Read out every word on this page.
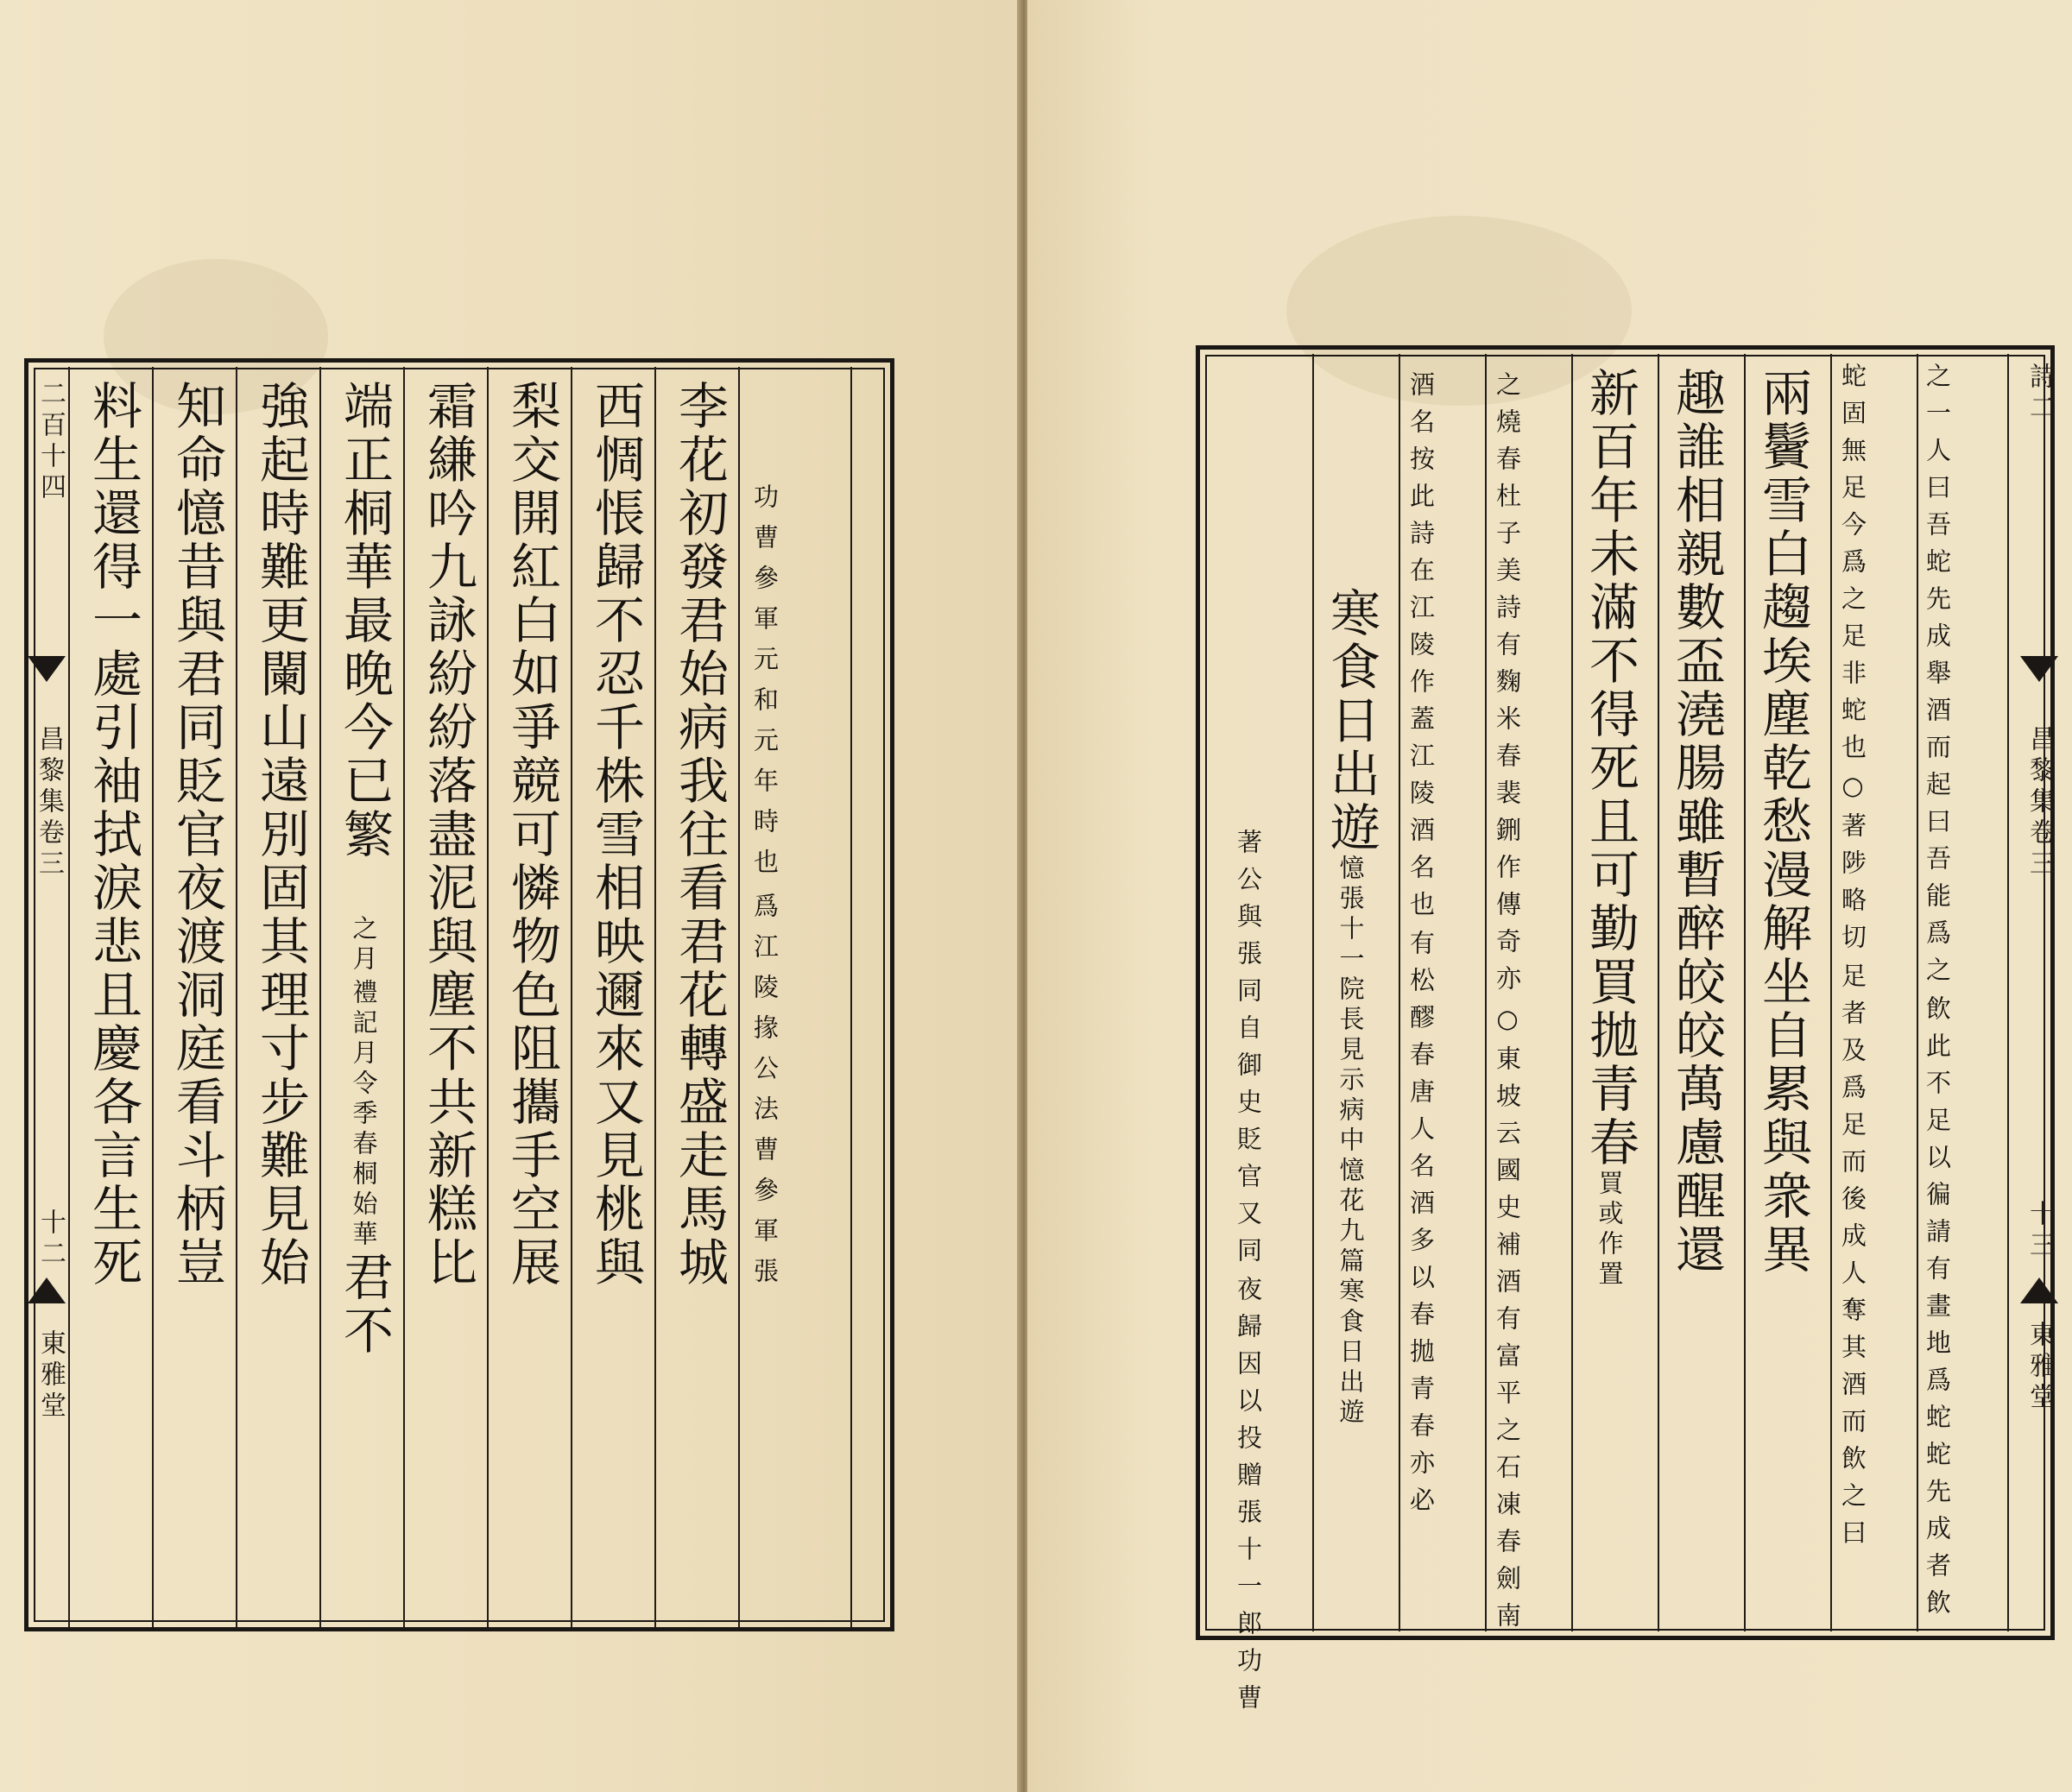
二百十四
昌黎集卷三
十二
東雅堂
爲江陵掾公法曹參軍張
功曹參軍元和元年時也
李花初發君始病我往看君花轉盛走馬城
西惆悵歸不忍千株雪相映邇來又見桃與
梨交開紅白如爭競可憐物色阻攜手空展
霜縑吟九詠紛紛落盡泥與塵不共新糕比
端正桐華最晚今已繁
禮記月令季春桐始華
之月
君不
強起時難更闌山遠別固其理寸步難見始
知命憶昔與君同貶官夜渡洞庭看斗柄豈
料生還得一處引袖拭淚悲且慶各言生死	詩二
昌黎集卷三
十三
東雅堂
飲此不足以徧請有畫地爲蛇蛇先成者飲
之一人曰吾蛇先成舉酒而起曰吾能爲之
足者及爲足而後成人奪其酒而飲之曰
蛇固無足今爲之足非蛇也○著陟略切
兩鬢雪白趨埃塵乾愁漫解坐自累與衆異
趣誰相親數盃澆腸雖暫醉皎皎萬慮醒還
新百年未滿不得死且可勤買拋青春
買或作置
○東坡云國史補酒有富平之石凍春劍南
之燒春杜子美詩有麴米春裴鉶作傳奇亦
有松醪春唐人名酒多以春拋青春亦必
酒名按此詩在江陵作蓋江陵酒名也
寒食日出遊
憶張十一院長見示病中憶花九篇寒食日出遊
夜歸因以投贈張十一郎功曹
著公與張同自御史貶官又同
